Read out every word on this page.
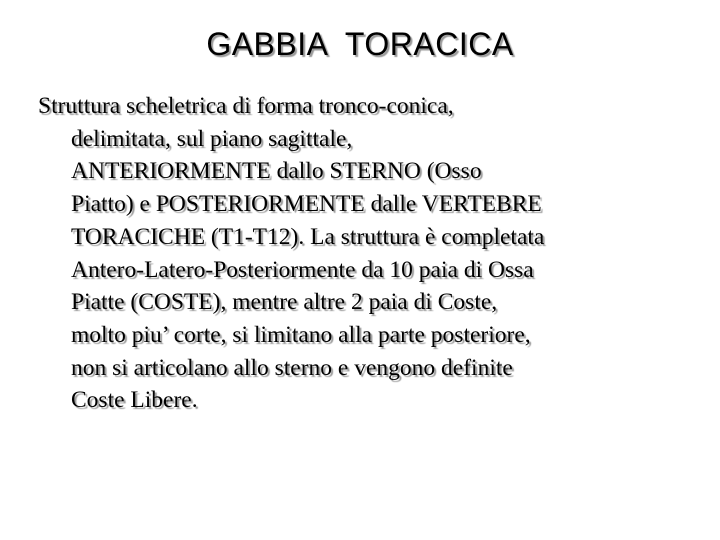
GABBIA  TORACICA
Struttura scheletrica di forma tronco-conica,
delimitata, sul piano sagittale,
ANTERIORMENTE dallo STERNO (Osso
Piatto) e POSTERIORMENTE dalle VERTEBRE
TORACICHE (T1-T12). La struttura è completata
Antero-Latero-Posteriormente da 10 paia di Ossa
Piatte (COSTE), mentre altre 2 paia di Coste,
molto piu’ corte, si limitano alla parte posteriore,
non si articolano allo sterno e vengono definite
Coste Libere.
